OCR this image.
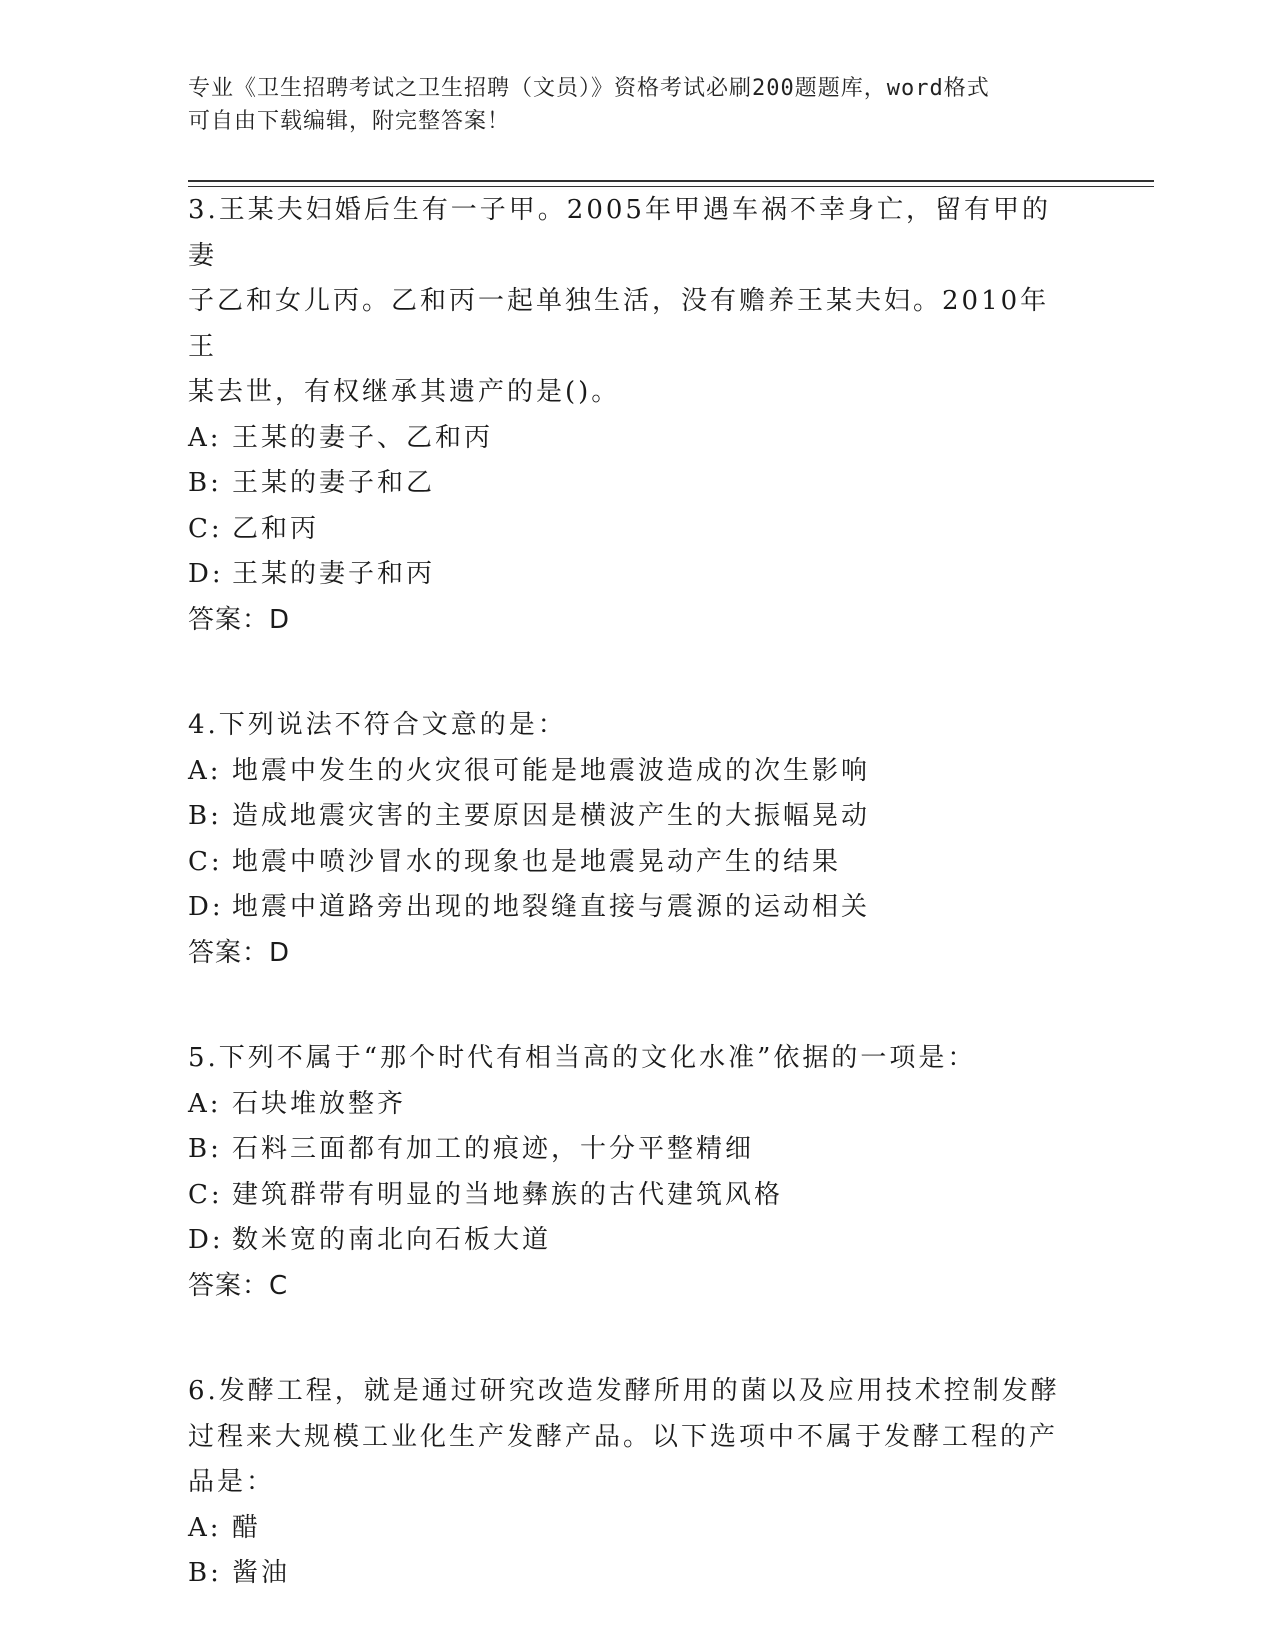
专业《卫生招聘考试之卫生招聘（文员）》资格考试必刷200题题库，word格式
可自由下载编辑，附完整答案！

3.王某夫妇婚后生有一子甲。2005年甲遇车祸不幸身亡，留有甲的妻

子乙和女儿丙。乙和丙一起单独生活，没有赡养王某夫妇。2010年王

某去世，有权继承其遗产的是()。

A: 王某的妻子、乙和丙

B: 王某的妻子和乙

C: 乙和丙

D: 王某的妻子和丙

答案：D

4.下列说法不符合文意的是：

A: 地震中发生的火灾很可能是地震波造成的次生影响

B: 造成地震灾害的主要原因是横波产生的大振幅晃动

C: 地震中喷沙冒水的现象也是地震晃动产生的结果

D: 地震中道路旁出现的地裂缝直接与震源的运动相关

答案：D

5.下列不属于“那个时代有相当高的文化水准”依据的一项是：

A: 石块堆放整齐

B: 石料三面都有加工的痕迹，十分平整精细

C: 建筑群带有明显的当地彝族的古代建筑风格

D: 数米宽的南北向石板大道

答案：C

6.发酵工程，就是通过研究改造发酵所用的菌以及应用技术控制发酵

过程来大规模工业化生产发酵产品。以下选项中不属于发酵工程的产

品是：

A: 醋

B: 酱油
